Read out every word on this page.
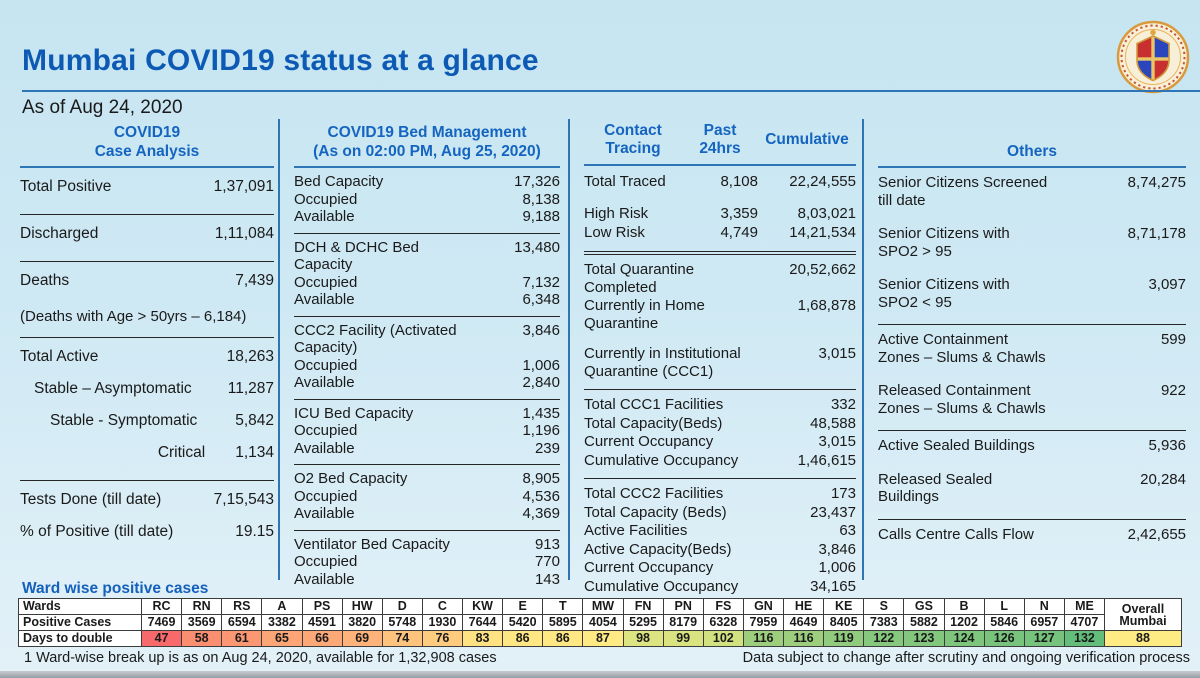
Mumbai COVID19 status at a glance
As of Aug 24, 2020
COVID19
Case Analysis
Total Positive	1,37,091
Discharged	1,11,084
Deaths	7,439
(Deaths with Age > 50yrs – 6,184)
Total Active	18,263
Stable – Asymptomatic 11,287
Stable - Symptomatic 5,842
Critical 1,134
Tests Done (till date)	7,15,543
% of Positive (till date)	19.15
COVID19 Bed Management
(As on 02:00 PM, Aug 25, 2020)
Bed Capacity	17,326
Occupied	8,138
Available	9,188
DCH & DCHC Bed Capacity
13,480
Occupied	7,132
Available	6,348
CCC2 Facility (Activated Capacity)
3,846
Occupied	1,006
Available	2,840
ICU Bed Capacity	1,435
Occupied	1,196
Available	239
O2 Bed Capacity	8,905
Occupied	4,536
Available	4,369
Ventilator Bed Capacity	913
Occupied	770
Available	143
Contact Tracing
Past 24hrs
Cumulative
Total Traced	8,108	22,24,555
High Risk	3,359	8,03,021
Low Risk	4,749	14,21,534
Total Quarantine Completed
20,52,662
Currently in Home Quarantine
1,68,878
Currently in Institutional Quarantine (CCC1)
3,015
Total CCC1 Facilities	332
Total Capacity(Beds)	48,588
Current Occupancy	3,015
Cumulative Occupancy	1,46,615
Total CCC2 Facilities	173
Total Capacity (Beds)	23,437
Active Facilities	63
Active Capacity(Beds)	3,846
Current Occupancy	1,006
Cumulative Occupancy	34,165
Others
Senior Citizens Screened till date
8,74,275
Senior Citizens with SPO2 > 95
8,71,178
Senior Citizens with SPO2 < 95
3,097
Active Containment Zones – Slums & Chawls
599
Released Containment Zones – Slums & Chawls
922
Active Sealed Buildings	5,936
Released Sealed Buildings
20,284
Calls Centre Calls Flow	2,42,655
Ward wise positive cases
Wards	RC	RN	RS	A	PS	HW	D	C	KW	E	T	MW	FN	PN	FS	GN	HE	KE	S	GS	B	L	N	ME	Overall Mumbai
Positive Cases	7469	3569	6594	3382	4591	3820	5748	1930	7644	5420	5895	4054	5295	8179	6328	7959	4649	8405	7383	5882	1202	5846	6957	4707	
Days to double	47	58	61	65	66	69	74	76	83	86	86	87	98	99	102	116	116	119	122	123	124	126	127	132	88
1 Ward-wise break up is as on Aug 24, 2020, available for 1,32,908 cases	Data subject to change after scrutiny and ongoing verification process
